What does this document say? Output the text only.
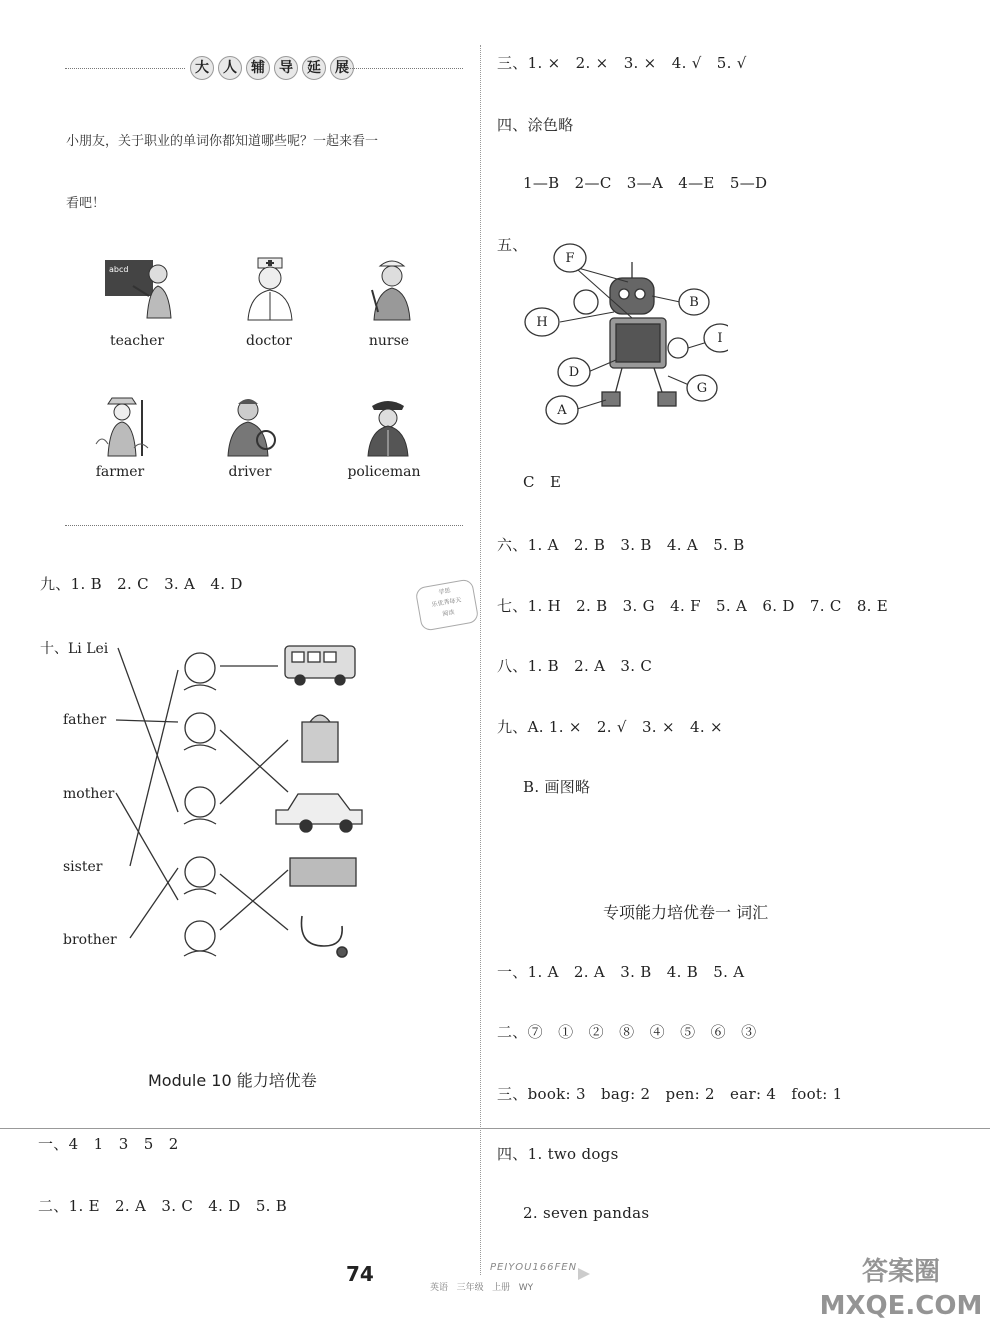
大 人 辅 导 延 展
小朋友，关于职业的单词你都知道哪些呢？一起来看一
看吧！
abcd
teacher	doctor	nurse
farmer	driver	policeman
九、1. B   2. C   3. A   4. D
十、Li Lei
father
mother
sister
brother
Module 10 能力培优卷
一、4   1   3   5   2
二、1. E   2. A   3. C   4. D   5. B
学思
乐优秀每天
阅读
三、1. ×   2. ×   3. ×   4. √   5. √
四、涂色略
1—B   2—C   3—A   4—E   5—D
五、
F
B
H
I
D
G
A
C   E
六、1. A   2. B   3. B   4. A   5. B
七、1. H   2. B   3. G   4. F   5. A   6. D   7. C   8. E
八、1. B   2. A   3. C
九、A. 1. ×   2. √   3. ×   4. ×
B. 画图略
专项能力培优卷一 词汇
一、1. A   2. A   3. B   4. B   5. A
二、⑦   ①   ②   ⑧   ④   ⑤   ⑥   ③
三、book: 3   bag: 2   pen: 2   ear: 4   foot: 1
四、1. two dogs
2. seven pandas
74	PEIYOU166FEN
英语   三年级   上册   WY
答案圈 MXQE.COM
